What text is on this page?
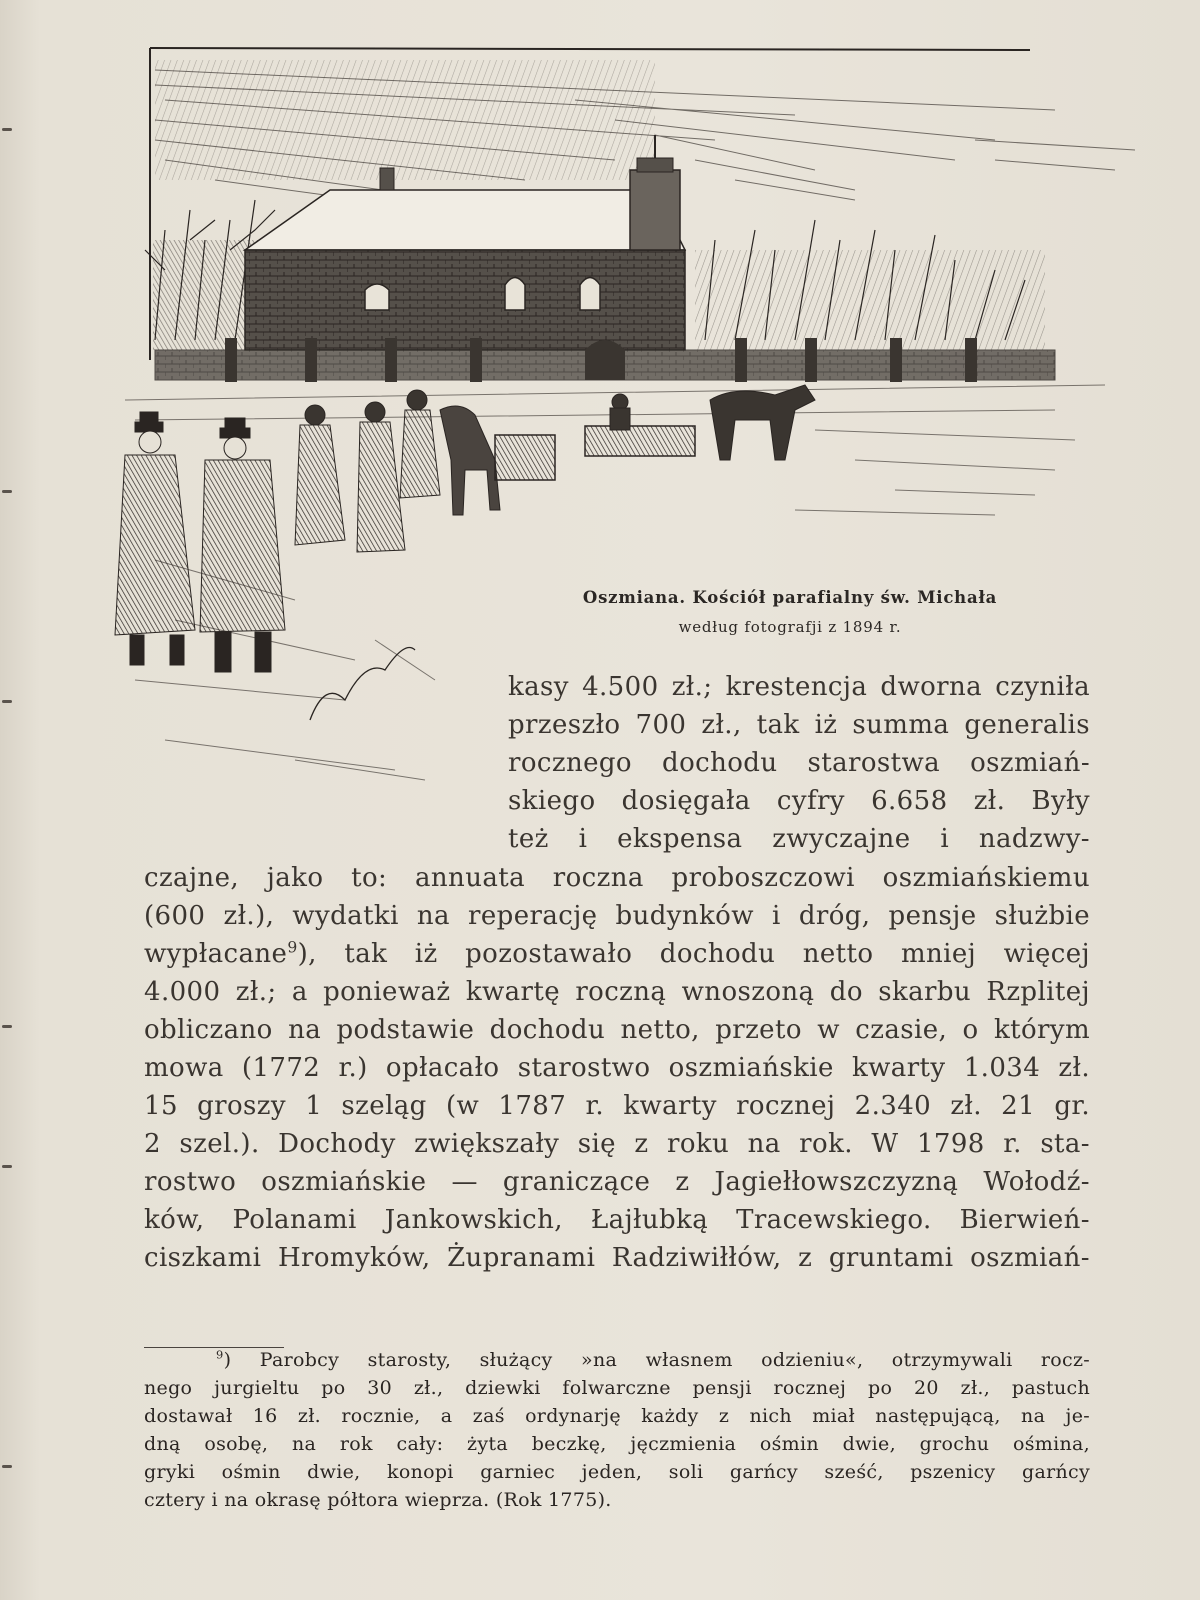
Oszmiana. Kościół parafialny św. Michała
według fotografji z 1894 r.
kasy 4.500 zł.; krestencja dworna czyniła
przeszło 700 zł., tak iż summa generalis
rocznego dochodu starostwa oszmiań-
skiego dosięgała cyfry 6.658 zł. Były
też i ekspensa zwyczajne i nadzwy-
czajne, jako to: annuata roczna proboszczowi oszmiańskiemu
(600 zł.), wydatki na reperację budynków i dróg, pensje służbie
wypłacane$^9$), tak iż pozostawało dochodu netto mniej więcej
4.000 zł.; a ponieważ kwartę roczną wnoszoną do skarbu Rzplitej
obliczano na podstawie dochodu netto, przeto w czasie, o którym
mowa (1772 r.) opłacało starostwo oszmiańskie kwarty 1.034 zł.
15 groszy 1 szeląg (w 1787 r. kwarty rocznej 2.340 zł. 21 gr.
2 szel.). Dochody zwiększały się z roku na rok. W 1798 r. sta-
rostwo oszmiańskie — graniczące z Jagiełłowszczyzną Wołodź-
ków, Polanami Jankowskich, Łajłubką Tracewskiego. Bierwień-
ciszkami Hromyków, Żupranami Radziwiłłów, z gruntami oszmiań-
$^9$) Parobcy starosty, służący »na własnem odzieniu«, otrzymywali rocz-
nego jurgieltu po 30 zł., dziewki folwarczne pensji rocznej po 20 zł., pastuch
dostawał 16 zł. rocznie, a zaś ordynarję każdy z nich miał następującą, na je-
dną osobę, na rok cały: żyta beczkę, jęczmienia ośmin dwie, grochu ośmina,
gryki ośmin dwie, konopi garniec jeden, soli garńcy sześć, pszenicy garńcy
cztery i na okrasę półtora wieprza. (Rok 1775).
